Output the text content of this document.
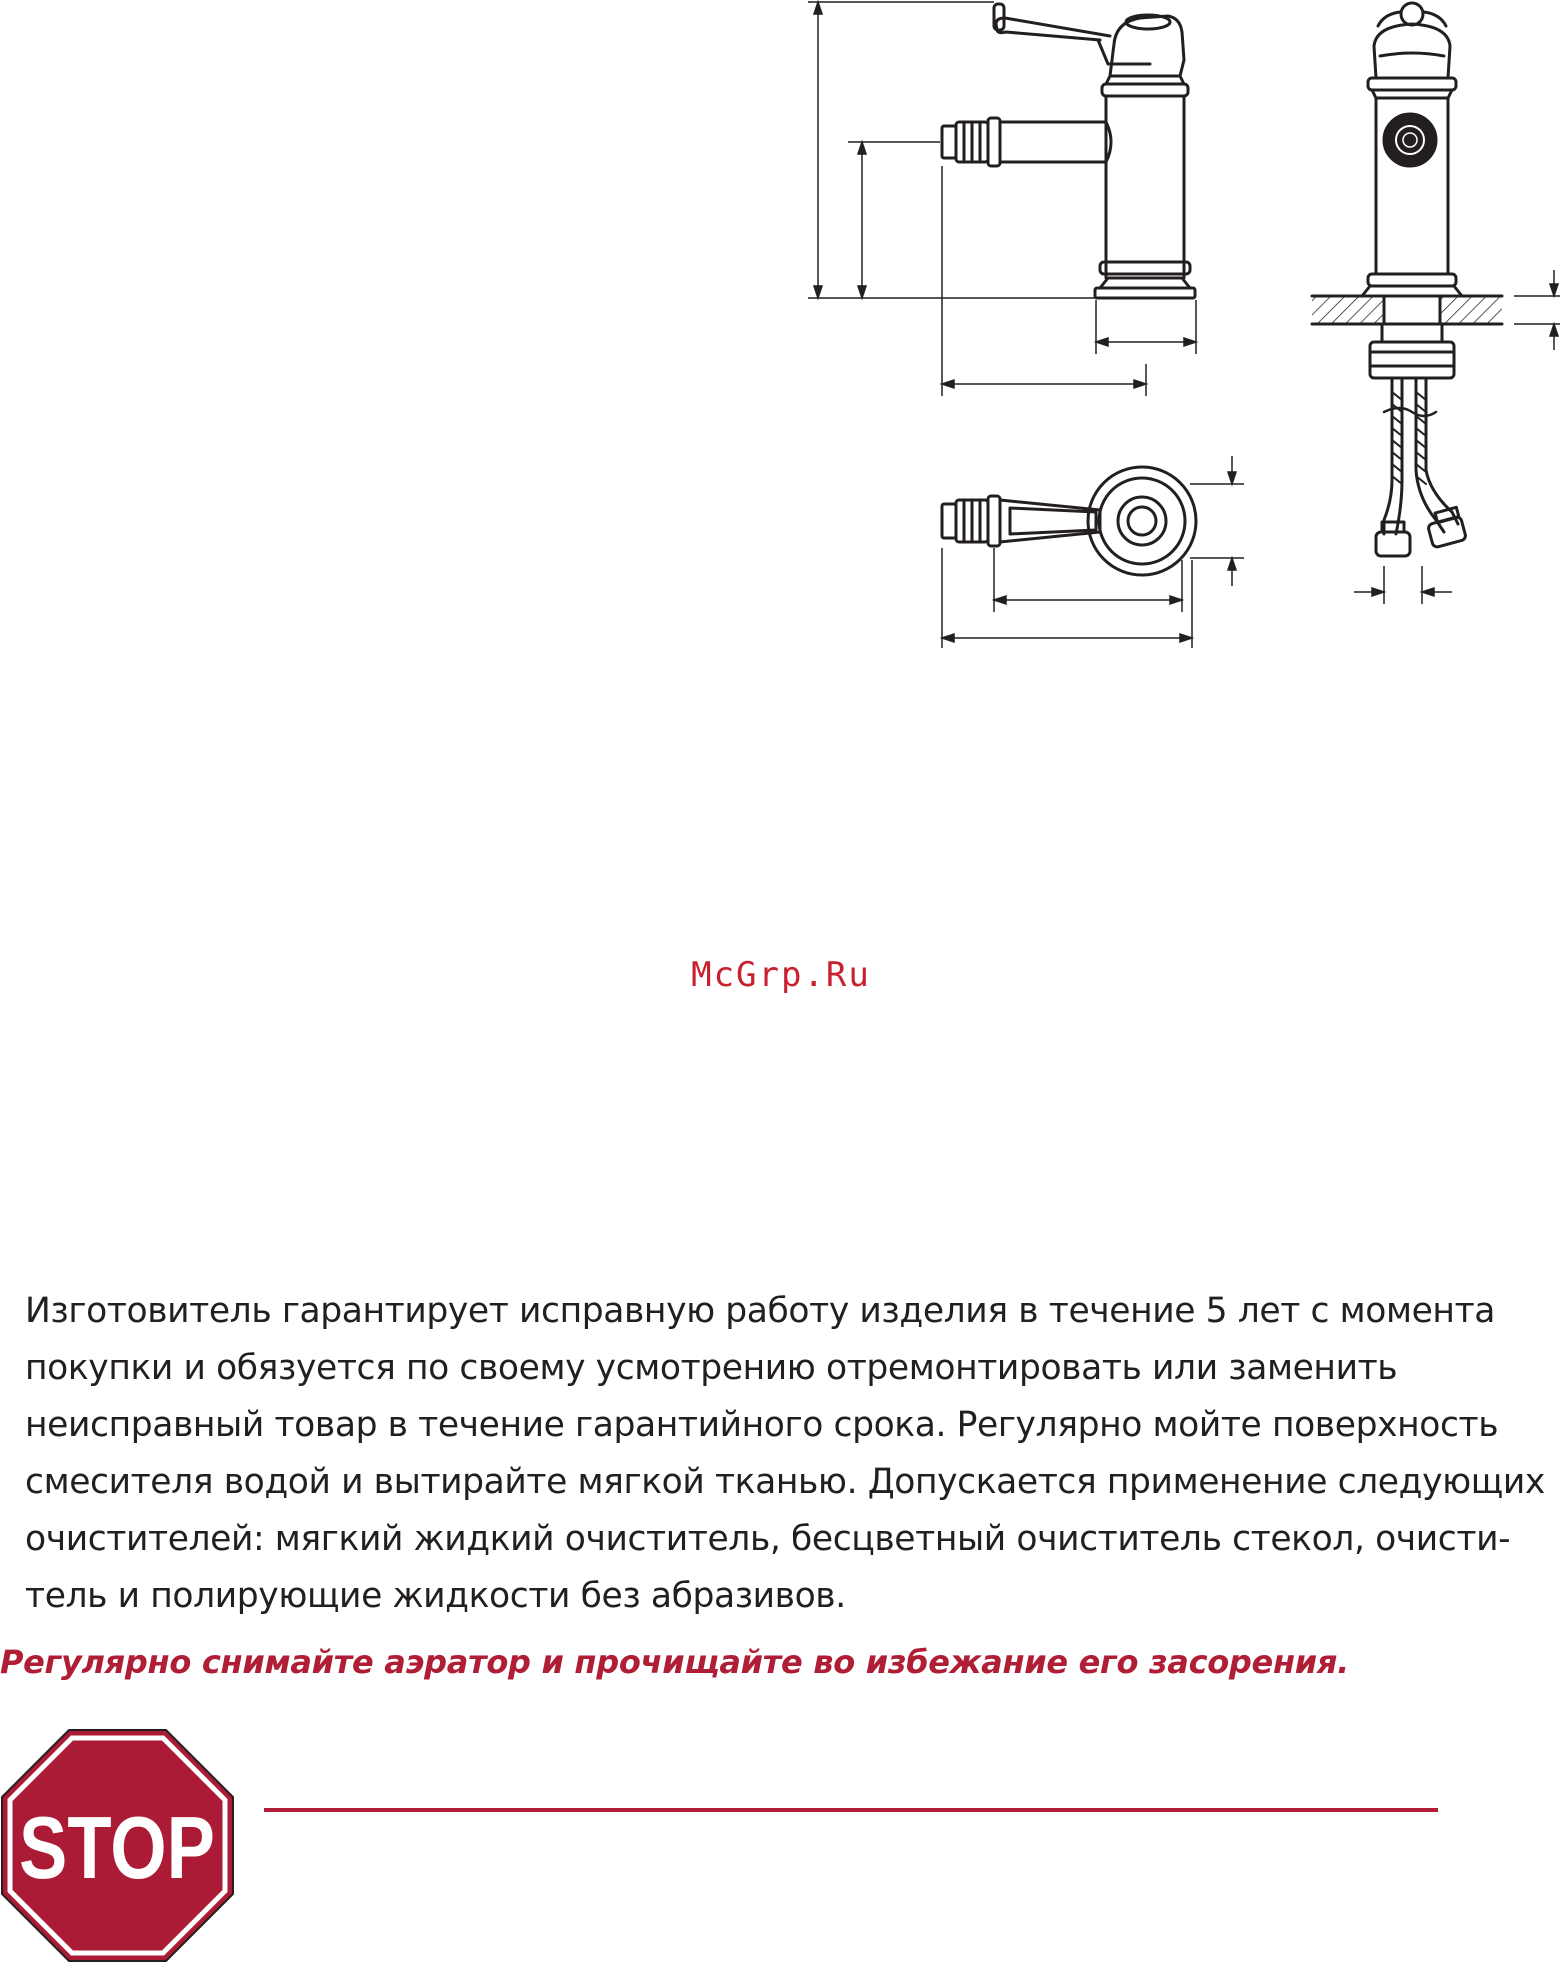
McGrp.Ru
Изготовитель гарантирует исправную работу изделия в течение 5 лет с момента
покупки и обязуется по своему усмотрению отремонтировать или заменить
неисправный товар в течение гарантийного срока. Регулярно мойте поверхность
смесителя водой и вытирайте мягкой тканью. Допускается применение следующих
очистителей: мягкий жидкий очиститель, бесцветный очиститель стекол, очисти-
тель и полирующие жидкости без абразивов.
Регулярно снимайте аэратор и прочищайте во избежание его засорения.
STOP
